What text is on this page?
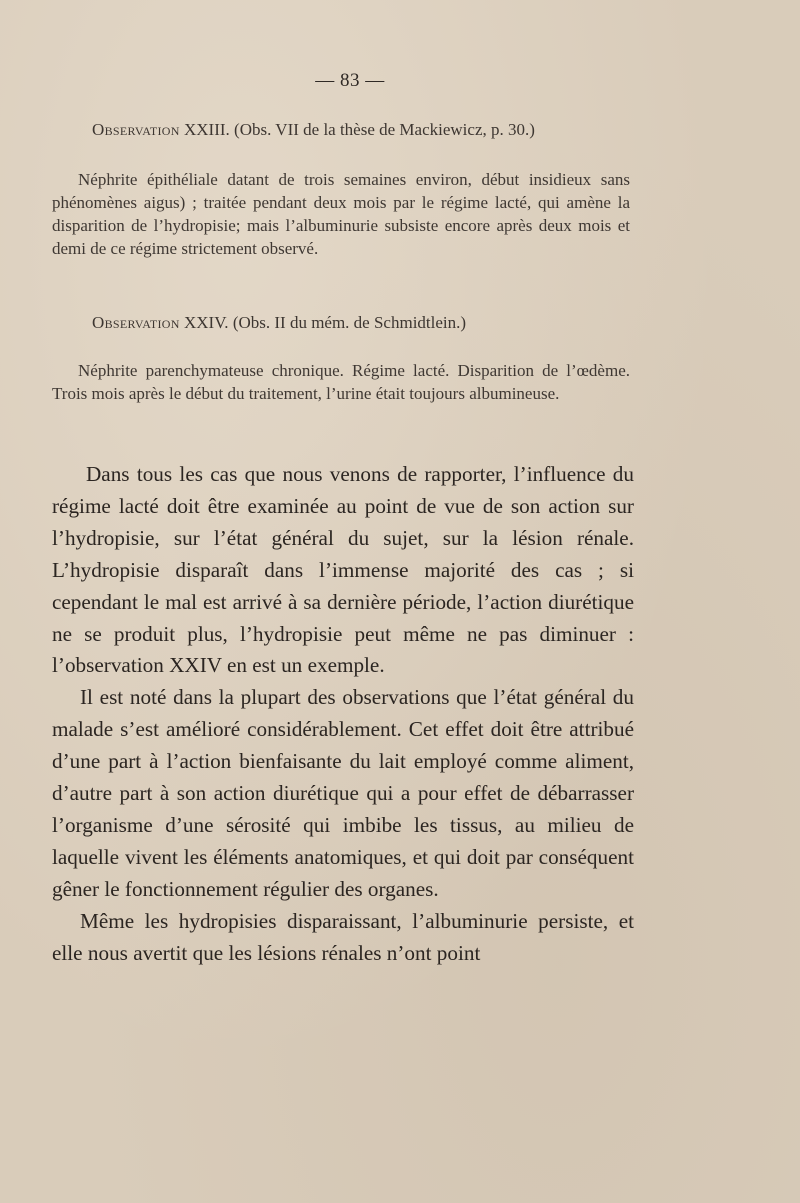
— 83 —
Observation XXIII. (Obs. VII de la thèse de Mackiewicz, p. 30.)

Néphrite épithéliale datant de trois semaines environ, début insidieux sans phénomènes aigus) ; traitée pendant deux mois par le régime lacté, qui amène la disparition de l’hydropisie; mais l’albuminurie subsiste encore après deux mois et demi de ce régime strictement observé.

Observation XXIV. (Obs. II du mém. de Schmidtlein.)

Néphrite parenchymateuse chronique. Régime lacté. Disparition de l’œdème. Trois mois après le début du traitement, l’urine était toujours albumineuse.

Dans tous les cas que nous venons de rapporter, l’influence du régime lacté doit être examinée au point de vue de son action sur l’hydropisie, sur l’état général du sujet, sur la lésion rénale. L’hydropisie disparaît dans l’immense majorité des cas ; si cependant le mal est arrivé à sa dernière période, l’action diurétique ne se produit plus, l’hydropisie peut même ne pas diminuer : l’observation XXIV en est un exemple.

Il est noté dans la plupart des observations que l’état général du malade s’est amélioré considérablement. Cet effet doit être attribué d’une part à l’action bienfaisante du lait employé comme aliment, d’autre part à son action diurétique qui a pour effet de débarrasser l’organisme d’une sérosité qui imbibe les tissus, au milieu de laquelle vivent les éléments anatomiques, et qui doit par conséquent gêner le fonctionnement régulier des organes.

Même les hydropisies disparaissant, l’albuminurie persiste, et elle nous avertit que les lésions rénales n’ont point
